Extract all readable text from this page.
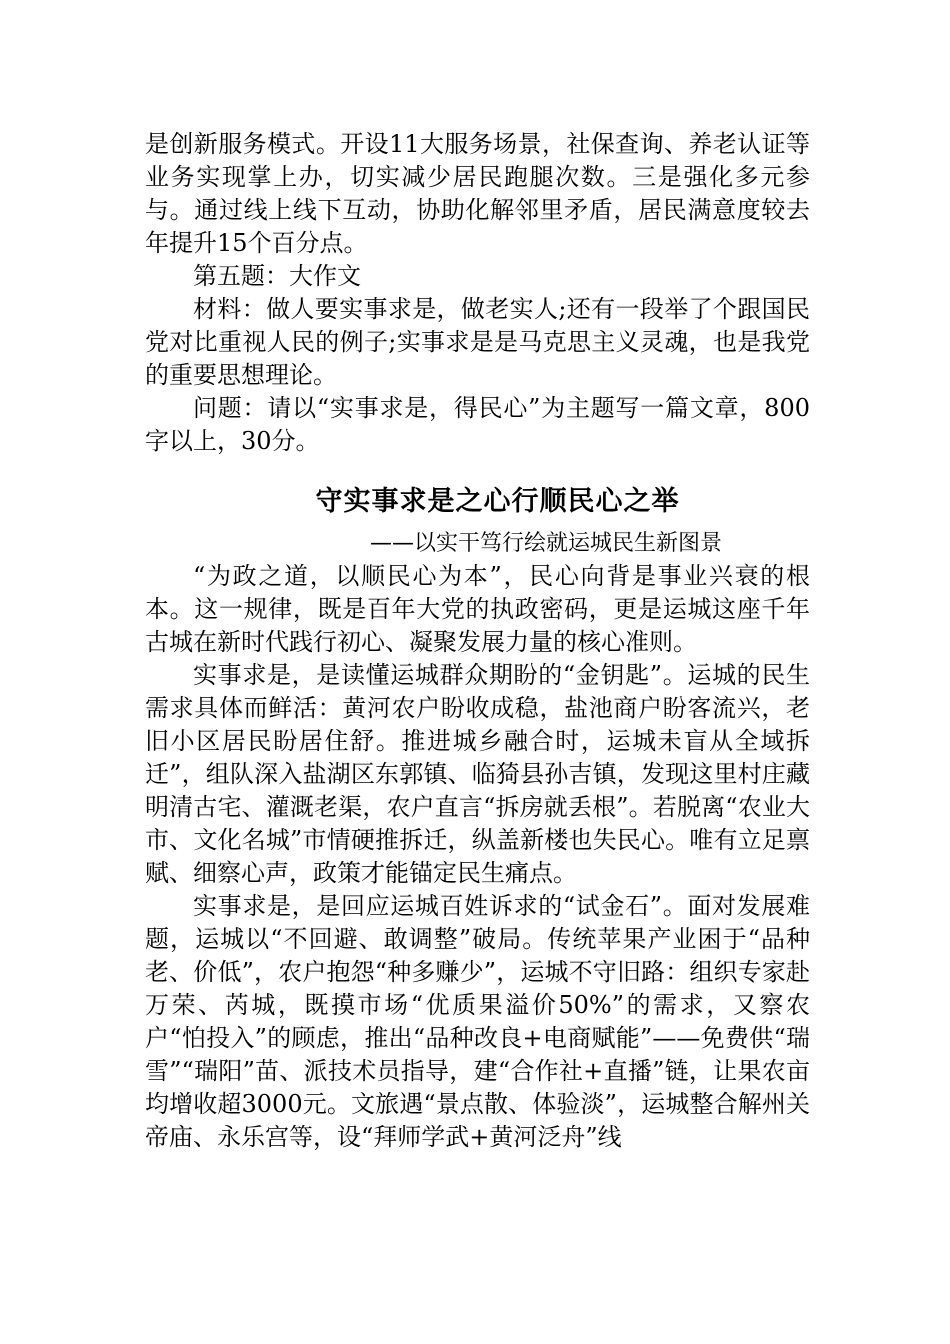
是创新服务模式。开设11大服务场景，社保查询、养老认证等业务实现掌上办，切实减少居民跑腿次数。三是强化多元参与。通过线上线下互动，协助化解邻里矛盾，居民满意度较去年提升15个百分点。

第五题：大作文

材料：做人要实事求是，做老实人;还有一段举了个跟国民党对比重视人民的例子;实事求是是马克思主义灵魂，也是我党的重要思想理论。

问题：请以“实事求是，得民心”为主题写一篇文章，800字以上，30分。

守实事求是之心行顺民心之举

——以实干笃行绘就运城民生新图景

“为政之道，以顺民心为本”，民心向背是事业兴衰的根本。这一规律，既是百年大党的执政密码，更是运城这座千年古城在新时代践行初心、凝聚发展力量的核心准则。

实事求是，是读懂运城群众期盼的“金钥匙”。运城的民生需求具体而鲜活：黄河农户盼收成稳，盐池商户盼客流兴，老旧小区居民盼居住舒。推进城乡融合时，运城未盲从全域拆迁”，组队深入盐湖区东郭镇、临猗县孙吉镇，发现这里村庄藏明清古宅、灌溉老渠，农户直言“拆房就丢根”。若脱离“农业大市、文化名城”市情硬推拆迁，纵盖新楼也失民心。唯有立足禀赋、细察心声，政策才能锚定民生痛点。

实事求是，是回应运城百姓诉求的“试金石”。面对发展难题，运城以“不回避、敢调整”破局。传统苹果产业困于“品种老、价低”，农户抱怨“种多赚少”，运城不守旧路：组织专家赴万荣、芮城，既摸市场“优质果溢价50%”的需求，又察农户“怕投入”的顾虑，推出“品种改良+电商赋能”——免费供“瑞雪”“瑞阳”苗、派技术员指导，建“合作社+直播”链，让果农亩均增收超3000元。文旅遇“景点散、体验淡”，运城整合解州关帝庙、永乐宫等，设“拜师学武+黄河泛舟”线
